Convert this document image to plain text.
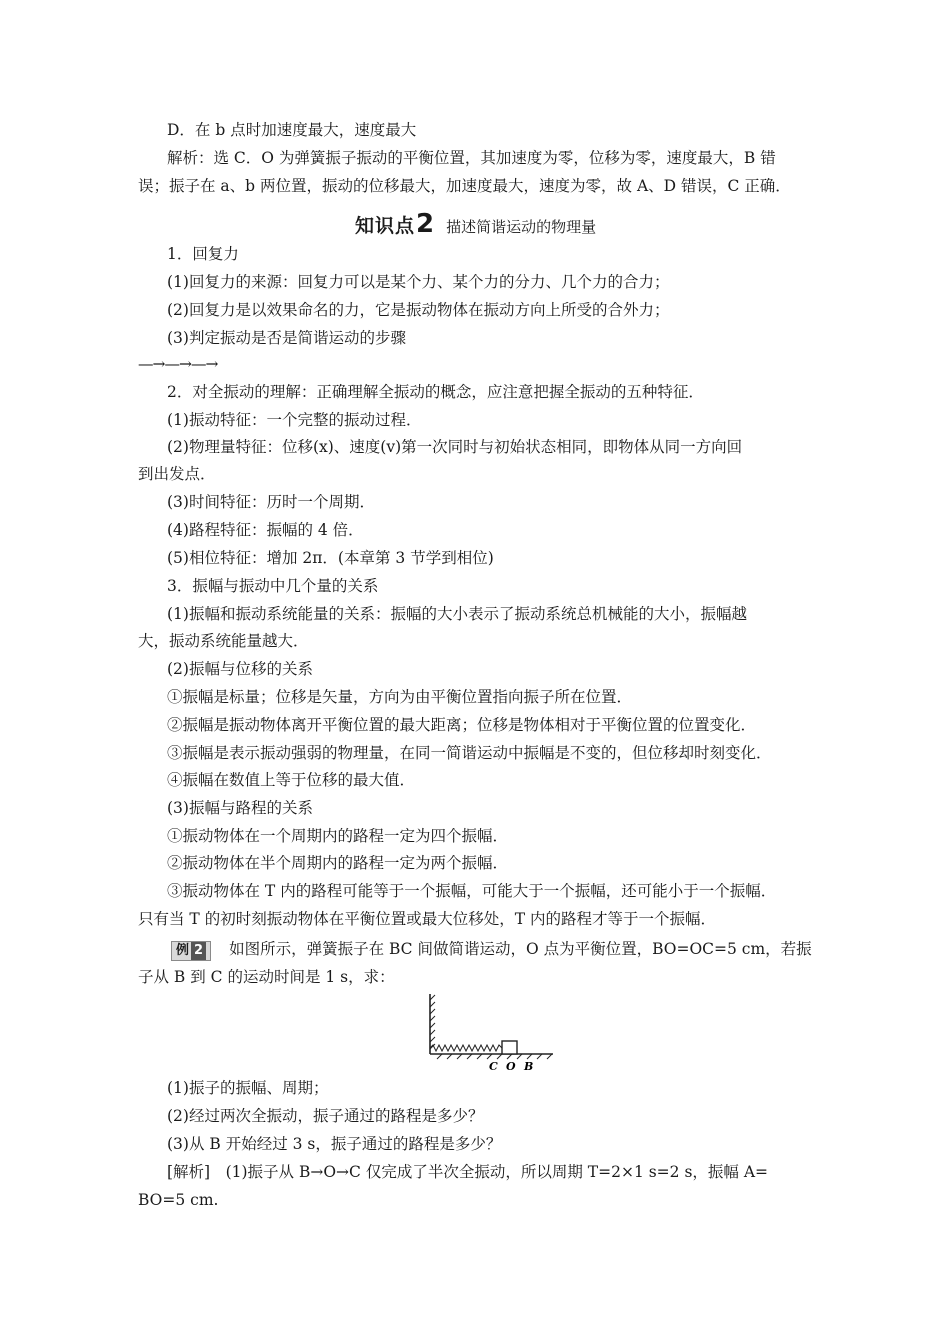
D．在 b 点时加速度最大，速度最大
解析：选 C．O 为弹簧振子振动的平衡位置，其加速度为零，位移为零，速度最大，B 错
误；振子在 a、b 两位置，振动的位移最大，加速度最大，速度为零，故 A、D 错误，C 正确．
知识点 2 描述简谐运动的物理量
1．回复力
(1)回复力的来源：回复力可以是某个力、某个力的分力、几个力的合力；
(2)回复力是以效果命名的力，它是振动物体在振动方向上所受的合外力；
(3)判定振动是否是简谐运动的步骤
—→—→—→
2．对全振动的理解：正确理解全振动的概念，应注意把握全振动的五种特征．
(1)振动特征：一个完整的振动过程．
(2)物理量特征：位移(x)、速度(v)第一次同时与初始状态相同，即物体从同一方向回
到出发点．
(3)时间特征：历时一个周期．
(4)路程特征：振幅的 4 倍．
(5)相位特征：增加 2π．(本章第 3 节学到相位)
3．振幅与振动中几个量的关系
(1)振幅和振动系统能量的关系：振幅的大小表示了振动系统总机械能的大小，振幅越
大，振动系统能量越大．
(2)振幅与位移的关系
①振幅是标量；位移是矢量，方向为由平衡位置指向振子所在位置．
②振幅是振动物体离开平衡位置的最大距离；位移是物体相对于平衡位置的位置变化．
③振幅是表示振动强弱的物理量，在同一简谐运动中振幅是不变的，但位移却时刻变化．
④振幅在数值上等于位移的最大值．
(3)振幅与路程的关系
①振动物体在一个周期内的路程一定为四个振幅．
②振动物体在半个周期内的路程一定为两个振幅．
③振动物体在 T 内的路程可能等于一个振幅，可能大于一个振幅，还可能小于一个振幅．
只有当 T 的初时刻振动物体在平衡位置或最大位移处，T 内的路程才等于一个振幅．
例 2 如图所示，弹簧振子在 BC 间做简谐运动，O 点为平衡位置，BO=OC=5 cm，若振
子从 B 到 C 的运动时间是 1 s，求：
C O B
(1)振子的振幅、周期；
(2)经过两次全振动，振子通过的路程是多少？
(3)从 B 开始经过 3 s，振子通过的路程是多少？
[解析]　(1)振子从 B→O→C 仅完成了半次全振动，所以周期 T=2×1 s=2 s，振幅 A=
BO=5 cm.
